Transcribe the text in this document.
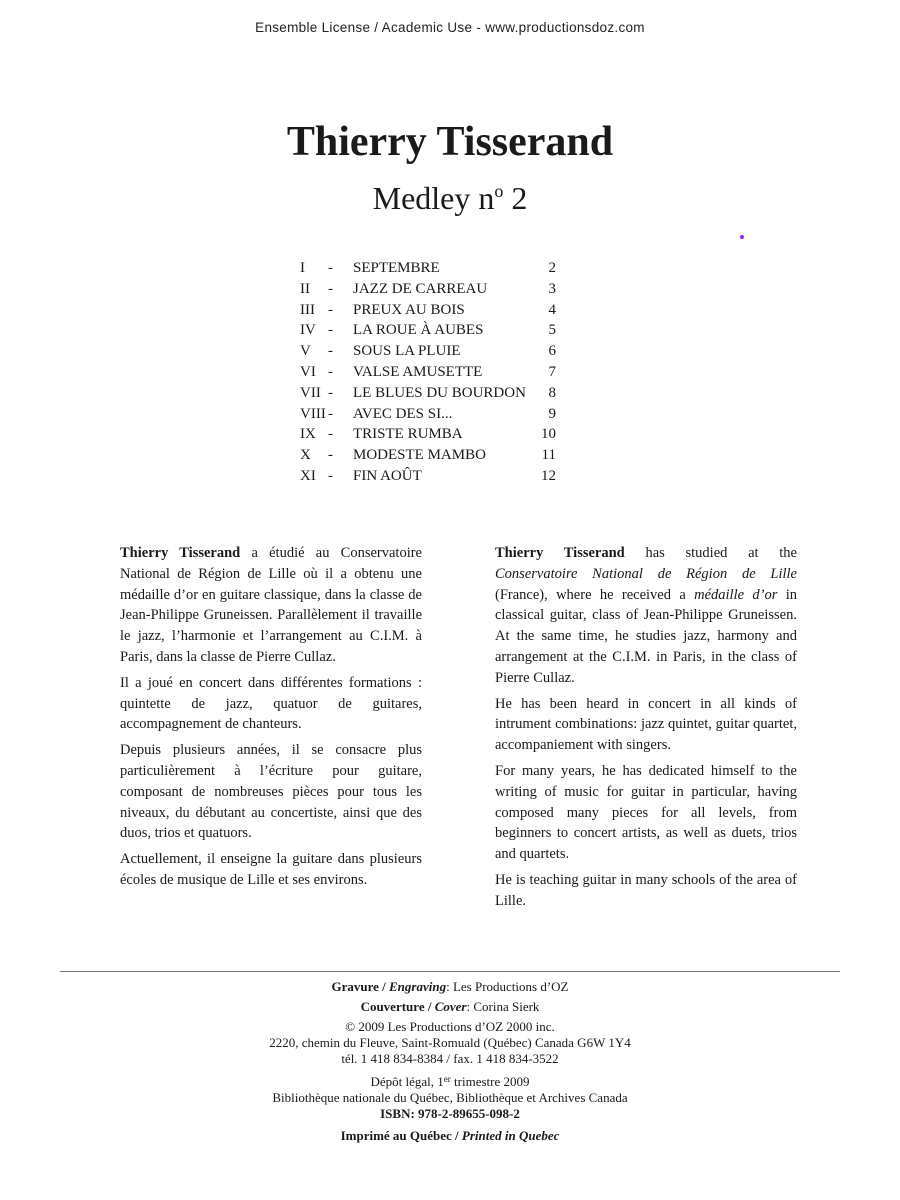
Ensemble License / Academic Use - www.productionsdoz.com
Thierry Tisserand
Medley $n^o$ 2
I	-	SEPTEMBRE	2
II	-	JAZZ DE CARREAU	3
III -	PREUX AU BOIS	4
IV -	LA ROUE À AUBES	5
V	-	SOUS LA PLUIE	6
VI -	VALSE AMUSETTE	7
VII -	LE BLUES DU BOURDON	8
VIII -	AVEC DES SI...	9
IX -	TRISTE RUMBA	10
X	-	MODESTE MAMBO	11
XI -	FIN AOÛT	12

Thierry Tisserand a étudié au Conservatoire National de Région de Lille où il a obtenu une médaille d’or en guitare classique, dans la classe de Jean-Philippe Gruneissen. Parallèlement il travaille le jazz, l’harmonie et l’arrangement au C.I.M. à Paris, dans la classe de Pierre Cullaz.

Il a joué en concert dans différentes formations : quintette de jazz, quatuor de guitares, accompagnement de chanteurs.

Depuis plusieurs années, il se consacre plus particulièrement à l’écriture pour guitare, composant de nombreuses pièces pour tous les niveaux, du débutant au concertiste, ainsi que des duos, trios et quatuors.

Actuellement, il enseigne la guitare dans plusieurs écoles de musique de Lille et ses environs.

Thierry Tisserand has studied at the Conservatoire National de Région de Lille (France), where he received a médaille d’or in classical guitar, class of Jean-Philippe Gruneissen. At the same time, he studies jazz, harmony and arrangement at the C.I.M. in Paris, in the class of Pierre Cullaz.

He has been heard in concert in all kinds of intrument combinations: jazz quintet, guitar quartet, accompaniement with singers.

For many years, he has dedicated himself to the writing of music for guitar in particular, having composed many pieces for all levels, from beginners to concert artists, as well as duets, trios and quartets.

He is teaching guitar in many schools of the area of Lille.

Gravure / Engraving: Les Productions d’OZ
Couverture / Cover: Corina Sierk
© 2009 Les Productions d’OZ 2000 inc.
2220, chemin du Fleuve, Saint-Romuald (Québec) Canada G6W 1Y4
tél. 1 418 834-8384 / fax. 1 418 834-3522
Dépôt légal, 1er trimestre 2009
Bibliothèque nationale du Québec, Bibliothèque et Archives Canada
ISBN: 978-2-89655-098-2
Imprimé au Québec / Printed in Quebec
